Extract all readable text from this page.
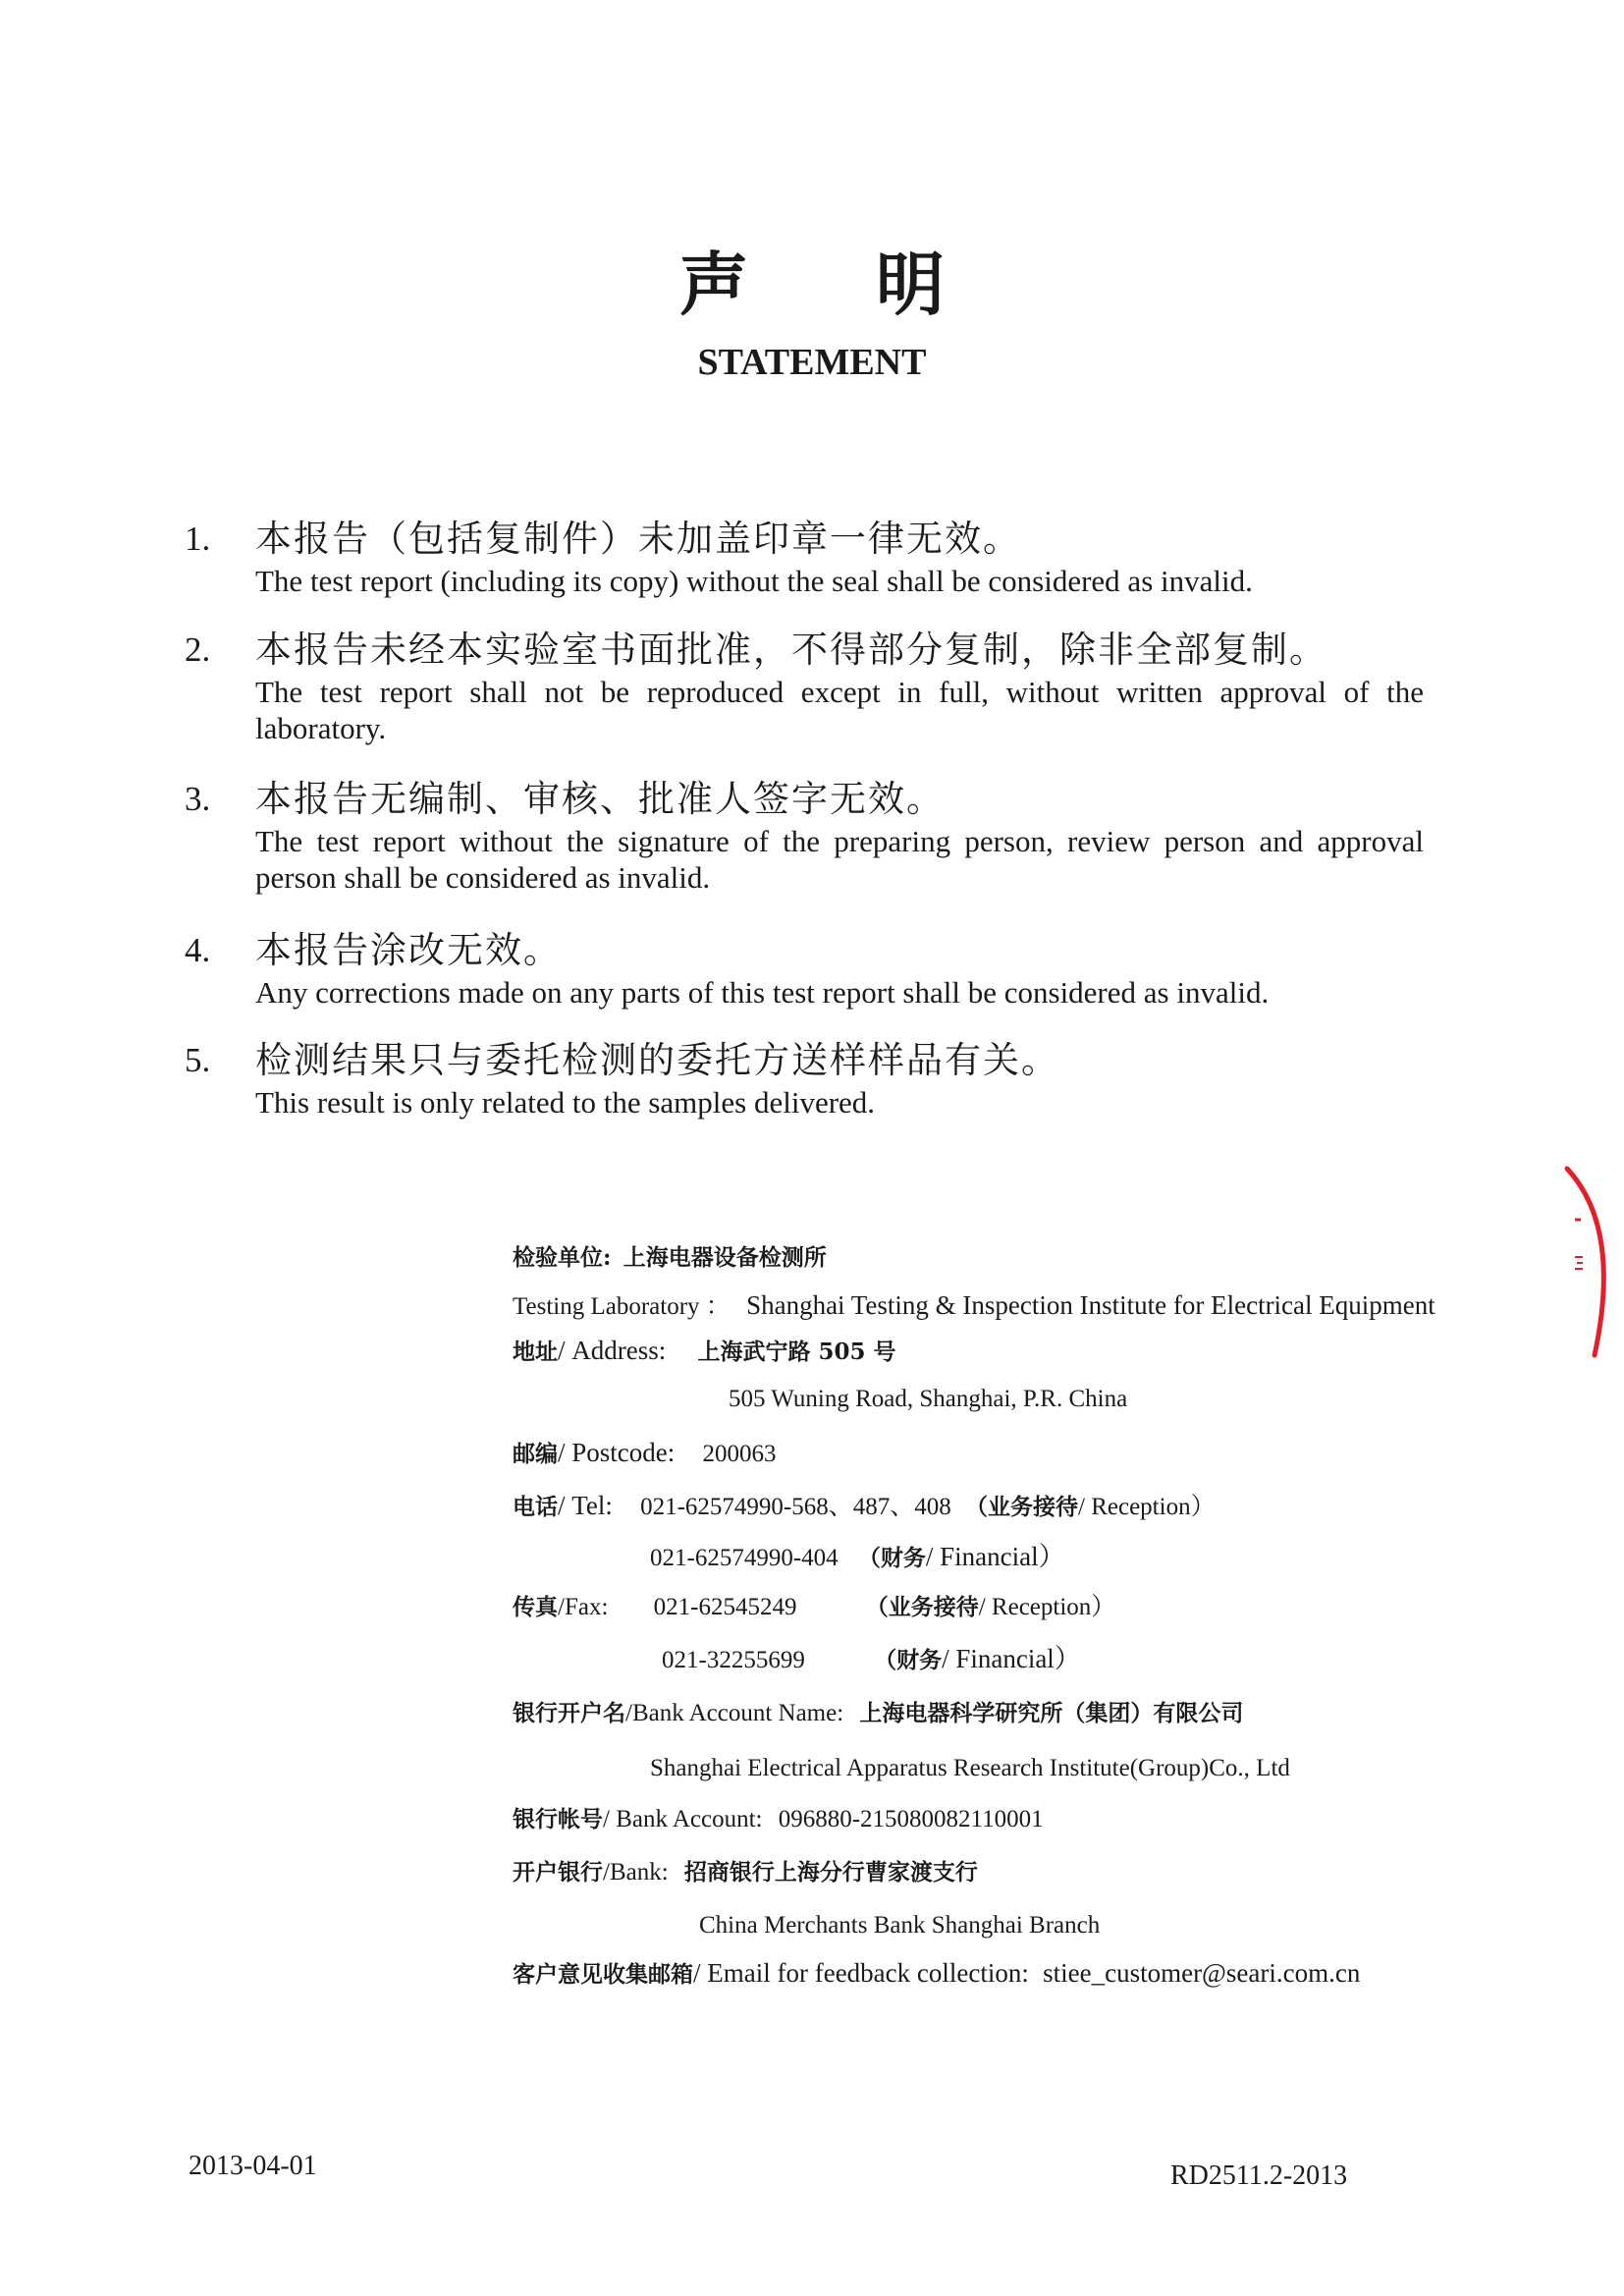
声明
STATEMENT
1. 本报告（包括复制件）未加盖印章一律无效。
The test report (including its copy) without the seal shall be considered as invalid.
2. 本报告未经本实验室书面批准，不得部分复制，除非全部复制。
The test report shall not be reproduced except in full, without written approval of the laboratory.
3. 本报告无编制、审核、批准人签字无效。
The test report without the signature of the preparing person, review person and approval person shall be considered as invalid.
4. 本报告涂改无效。
Any corrections made on any parts of this test report shall be considered as invalid.
5. 检测结果只与委托检测的委托方送样样品有关。
This result is only related to the samples delivered.
检验单位: 上海电器设备检测所
Testing Laboratory ： Shanghai Testing & Inspection Institute for Electrical Equipment
地址/ Address: 上海武宁路 505 号
505 Wuning Road, Shanghai, P.R. China
邮编/ Postcode: 200063
电话/ Tel: 021-62574990-568、487、408 （业务接待/ Reception）
021-62574990-404 （财务/ Financial）
传真/Fax: 021-62545249	（业务接待/ Reception）
021-32255699	（财务/ Financial）
银行开户名/Bank Account Name: 上海电器科学研究所（集团）有限公司
Shanghai Electrical Apparatus Research Institute(Group)Co., Ltd
银行帐号/ Bank Account: 096880-215080082110001
开户银行/Bank: 招商银行上海分行曹家渡支行
China Merchants Bank Shanghai Branch
客户意见收集邮箱/ Email for feedback collection: stiee_customer@seari.com.cn
2013-04-01	RD2511.2-2013
